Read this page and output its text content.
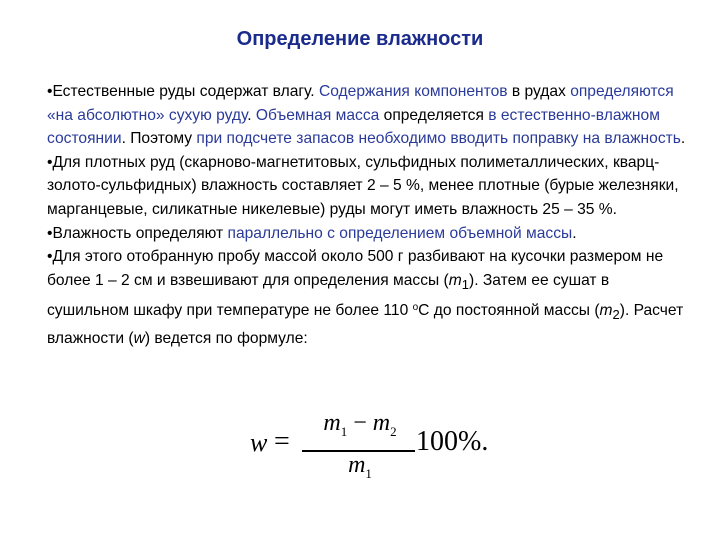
Определение влажности

•Естественные руды содержат влагу. Содержания компонентов в рудах определяются «на абсолютно» сухую руду. Объемная масса определяется в естественно-влажном состоянии. Поэтому при подсчете запасов необходимо вводить поправку на влажность.

•Для плотных руд (скарново-магнетитовых, сульфидных полиметаллических, кварц-золото-сульфидных) влажность составляет 2 – 5 %, менее плотные (бурые железняки, марганцевые, силикатные никелевые) руды могут иметь влажность 25 – 35 %.

•Влажность определяют параллельно с определением объемной массы.

•Для этого отобранную пробу массой около 500 г разбивают на кусочки размером не более 1 – 2 см и взвешивают для определения массы $(m_1)$. Затем ее сушат в сушильном шкафу при температуре не более 110 $^о$С до постоянной массы $(m_2)$. Расчет влажности (w) ведется по формуле:

w =
$m_1 - m_2$
$m_1$
100%.
